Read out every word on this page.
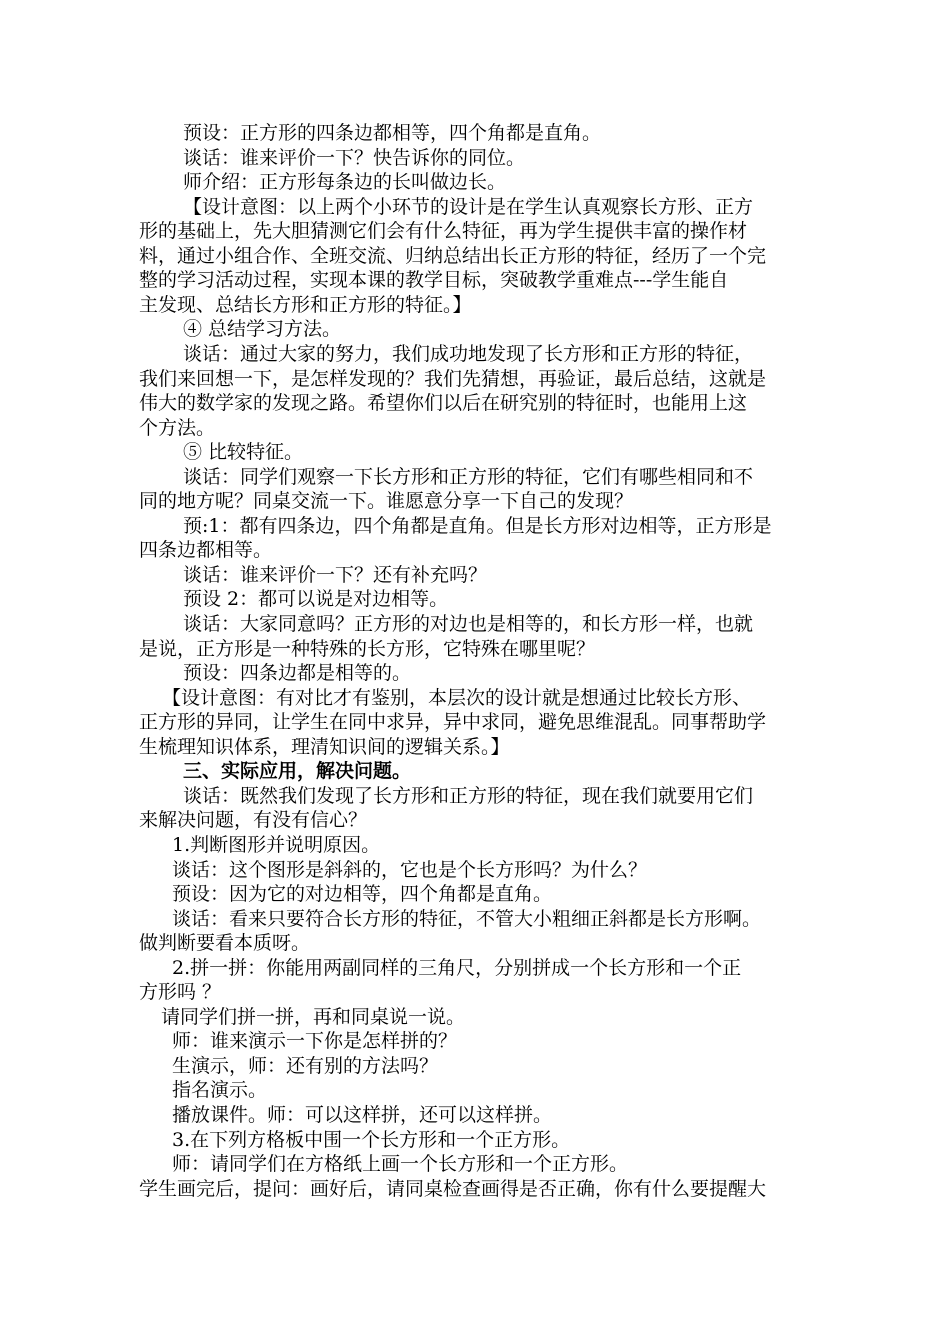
预设：正方形的四条边都相等，四个角都是直角。

谈话：谁来评价一下？快告诉你的同位。

师介绍：正方形每条边的长叫做边长。

【设计意图：以上两个小环节的设计是在学生认真观察长方形、正方

形的基础上，先大胆猜测它们会有什么特征，再为学生提供丰富的操作材

料，通过小组合作、全班交流、归纳总结出长正方形的特征，经历了一个完

整的学习活动过程，实现本课的教学目标，突破教学重难点---学生能自

主发现、总结长方形和正方形的特征。】

④ 总结学习方法。

谈话：通过大家的努力，我们成功地发现了长方形和正方形的特征，

我们来回想一下，是怎样发现的？我们先猜想，再验证，最后总结，这就是

伟大的数学家的发现之路。希望你们以后在研究别的特征时，也能用上这

个方法。

⑤ 比较特征。

谈话：同学们观察一下长方形和正方形的特征，它们有哪些相同和不

同的地方呢？同桌交流一下。谁愿意分享一下自己的发现？

预:1：都有四条边，四个角都是直角。但是长方形对边相等，正方形是

四条边都相等。

谈话：谁来评价一下？还有补充吗？

预设 2：都可以说是对边相等。

谈话：大家同意吗？正方形的对边也是相等的，和长方形一样，也就

是说，正方形是一种特殊的长方形，它特殊在哪里呢？

预设：四条边都是相等的。

【设计意图：有对比才有鉴别，本层次的设计就是想通过比较长方形、

正方形的异同，让学生在同中求异，异中求同，避免思维混乱。同事帮助学

生梳理知识体系，理清知识间的逻辑关系。】

三、实际应用，解决问题。

谈话：既然我们发现了长方形和正方形的特征，现在我们就要用它们

来解决问题，有没有信心？

1.判断图形并说明原因。

谈话：这个图形是斜斜的，它也是个长方形吗？为什么？

预设：因为它的对边相等，四个角都是直角。

谈话：看来只要符合长方形的特征，不管大小粗细正斜都是长方形啊。

做判断要看本质呀。

2.拼一拼：你能用两副同样的三角尺，分别拼成一个长方形和一个正

方形吗 ？

请同学们拼一拼，再和同桌说一说。

师：谁来演示一下你是怎样拼的？

生演示，师：还有别的方法吗？

指名演示。

播放课件。师：可以这样拼，还可以这样拼。

3.在下列方格板中围一个长方形和一个正方形。

师：请同学们在方格纸上画一个长方形和一个正方形。

学生画完后，提问：画好后，请同桌检查画得是否正确，你有什么要提醒大
